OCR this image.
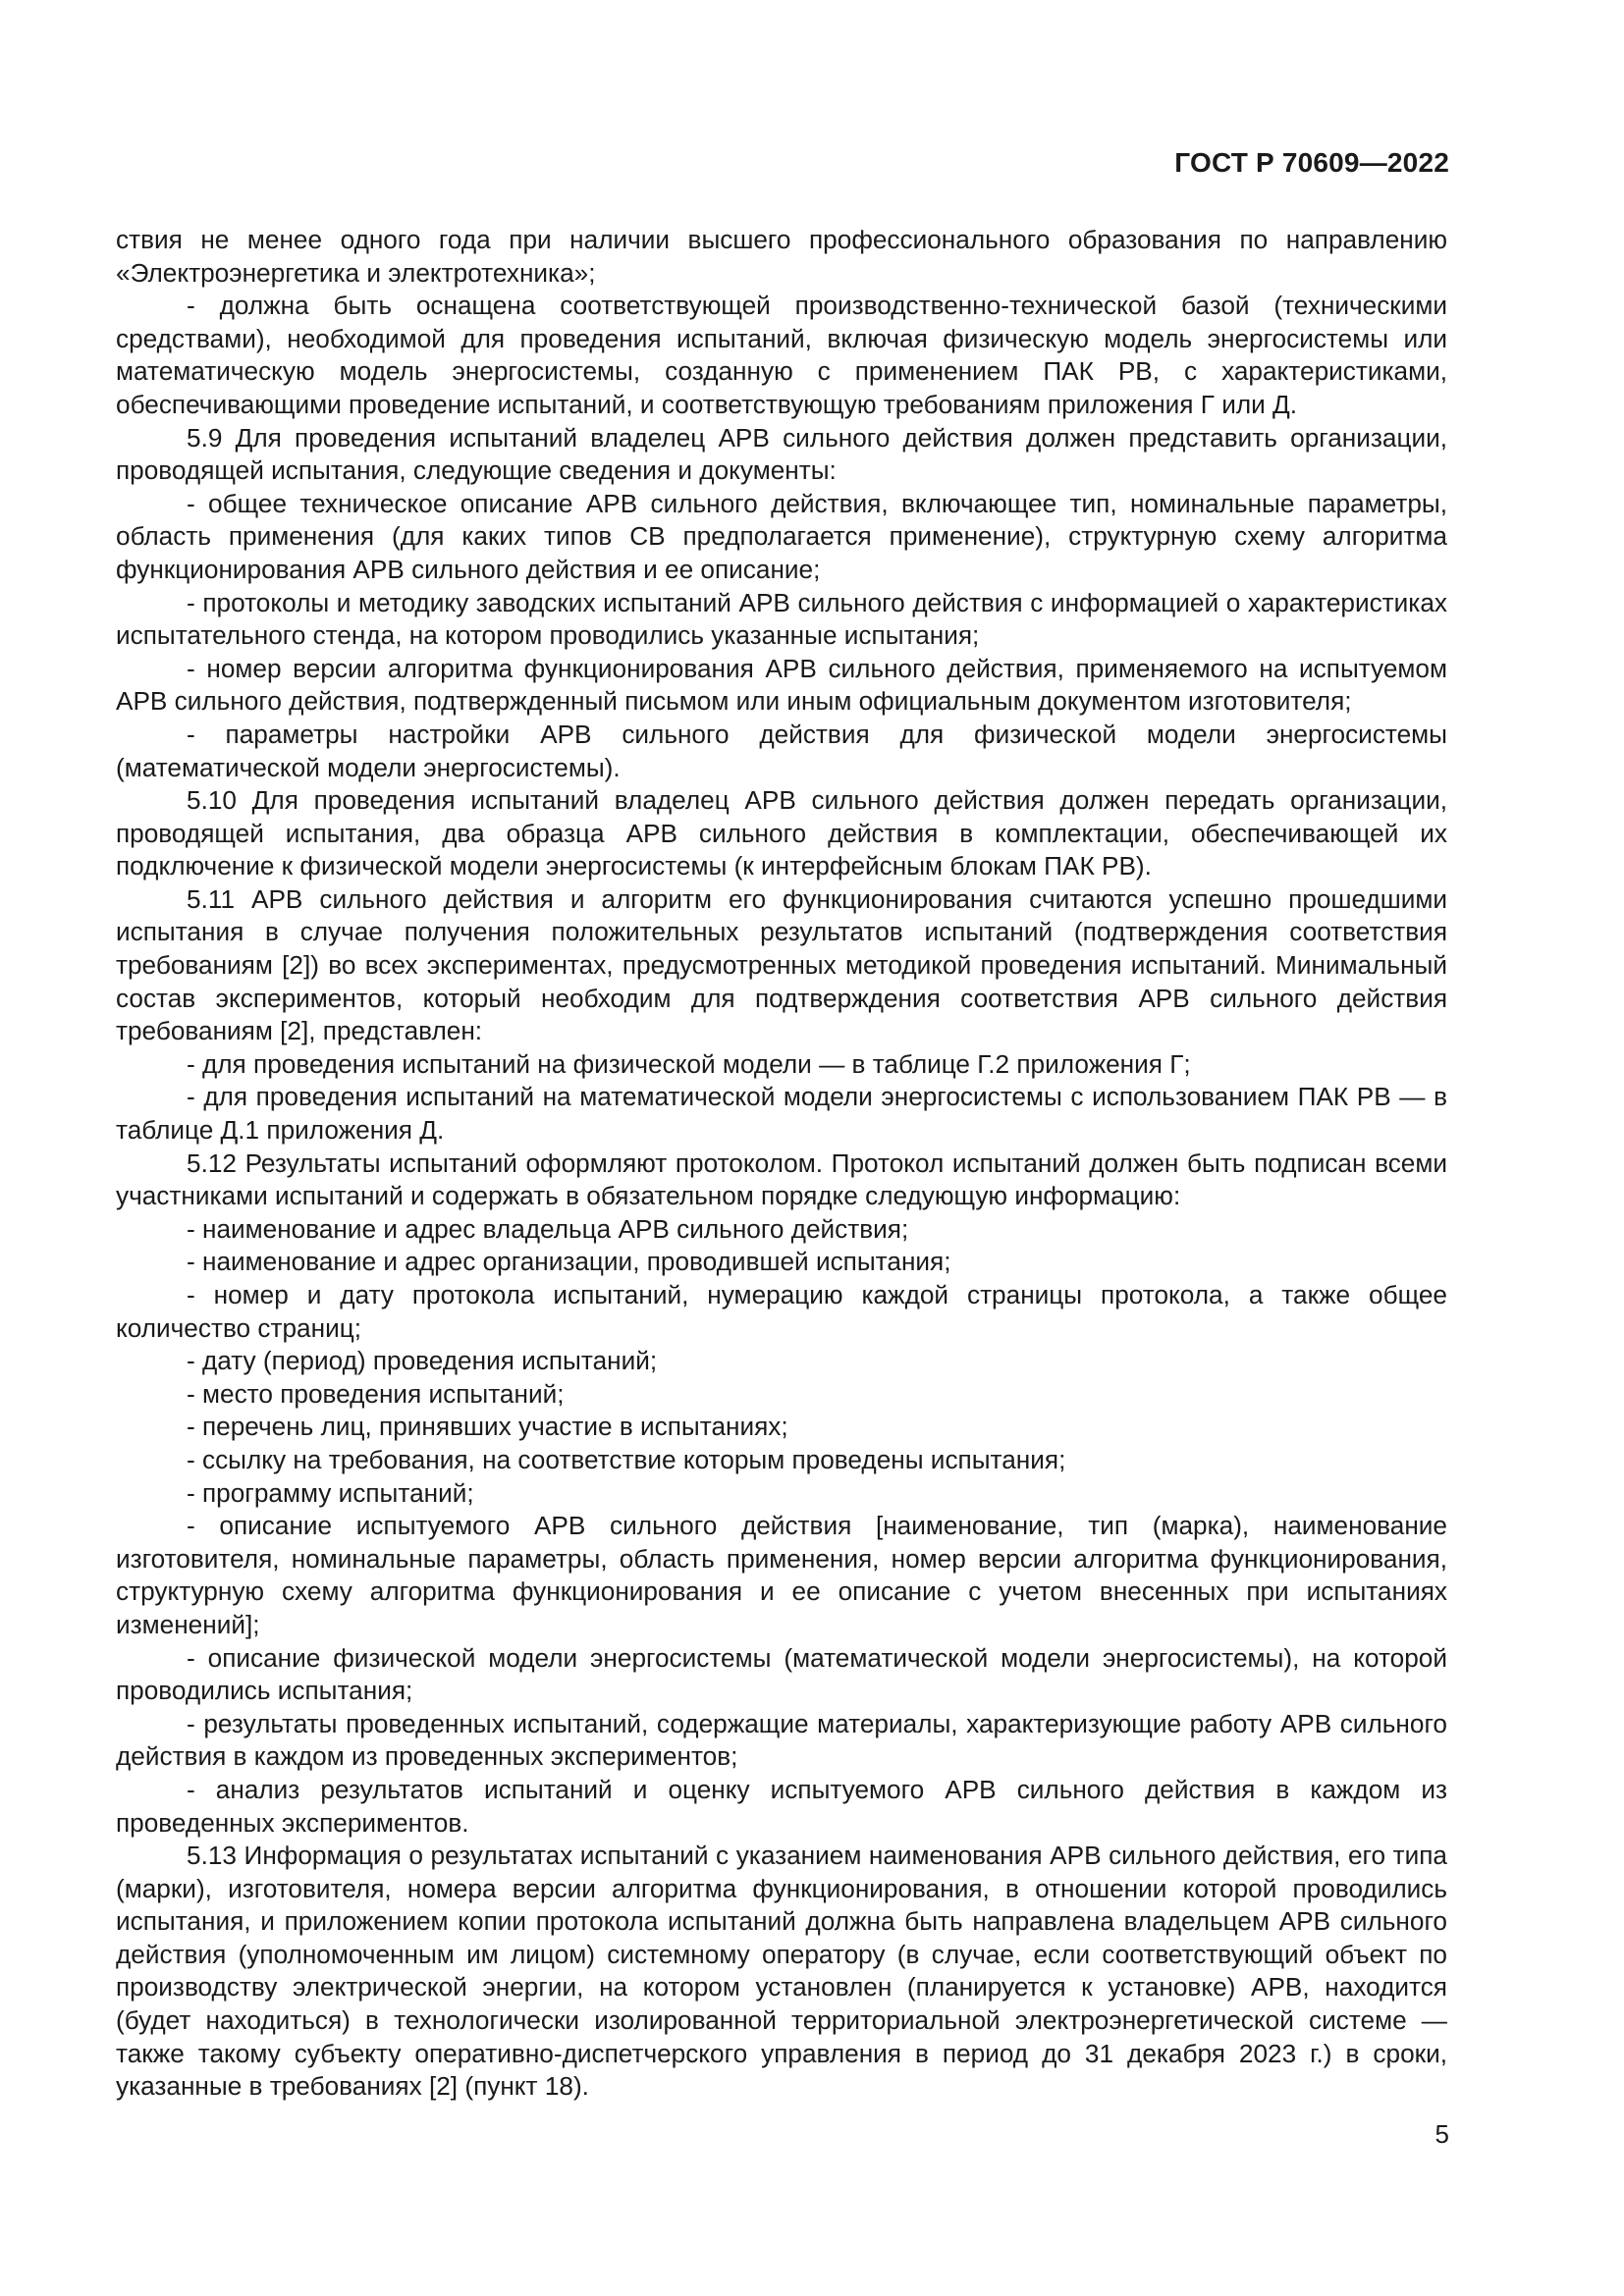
ГОСТ Р 70609—2022

ствия не менее одного года при наличии высшего профессионального образования по направлению «Электроэнергетика и электротехника»;

- должна быть оснащена соответствующей производственно-технической базой (техническими средствами), необходимой для проведения испытаний, включая физическую модель энергосистемы или математическую модель энергосистемы, созданную с применением ПАК РВ, с характеристиками, обеспечивающими проведение испытаний, и соответствующую требованиям приложения Г или Д.

5.9 Для проведения испытаний владелец АРВ сильного действия должен представить организации, проводящей испытания, следующие сведения и документы:

- общее техническое описание АРВ сильного действия, включающее тип, номинальные параметры, область применения (для каких типов СВ предполагается применение), структурную схему алгоритма функционирования АРВ сильного действия и ее описание;

- протоколы и методику заводских испытаний АРВ сильного действия с информацией о характеристиках испытательного стенда, на котором проводились указанные испытания;

- номер версии алгоритма функционирования АРВ сильного действия, применяемого на испытуемом АРВ сильного действия, подтвержденный письмом или иным официальным документом изготовителя;

- параметры настройки АРВ сильного действия для физической модели энергосистемы (математической модели энергосистемы).

5.10 Для проведения испытаний владелец АРВ сильного действия должен передать организации, проводящей испытания, два образца АРВ сильного действия в комплектации, обеспечивающей их подключение к физической модели энергосистемы (к интерфейсным блокам ПАК РВ).

5.11 АРВ сильного действия и алгоритм его функционирования считаются успешно прошедшими испытания в случае получения положительных результатов испытаний (подтверждения соответствия требованиям [2]) во всех экспериментах, предусмотренных методикой проведения испытаний. Минимальный состав экспериментов, который необходим для подтверждения соответствия АРВ сильного действия требованиям [2], представлен:

- для проведения испытаний на физической модели — в таблице Г.2 приложения Г;

- для проведения испытаний на математической модели энергосистемы с использованием ПАК РВ — в таблице Д.1 приложения Д.

5.12 Результаты испытаний оформляют протоколом. Протокол испытаний должен быть подписан всеми участниками испытаний и содержать в обязательном порядке следующую информацию:

- наименование и адрес владельца АРВ сильного действия;

- наименование и адрес организации, проводившей испытания;

- номер и дату протокола испытаний, нумерацию каждой страницы протокола, а также общее количество страниц;

- дату (период) проведения испытаний;

- место проведения испытаний;

- перечень лиц, принявших участие в испытаниях;

- ссылку на требования, на соответствие которым проведены испытания;

- программу испытаний;

- описание испытуемого АРВ сильного действия [наименование, тип (марка), наименование изготовителя, номинальные параметры, область применения, номер версии алгоритма функционирования, структурную схему алгоритма функционирования и ее описание с учетом внесенных при испытаниях изменений];

- описание физической модели энергосистемы (математической модели энергосистемы), на которой проводились испытания;

- результаты проведенных испытаний, содержащие материалы, характеризующие работу АРВ сильного действия в каждом из проведенных экспериментов;

- анализ результатов испытаний и оценку испытуемого АРВ сильного действия в каждом из проведенных экспериментов.

5.13 Информация о результатах испытаний с указанием наименования АРВ сильного действия, его типа (марки), изготовителя, номера версии алгоритма функционирования, в отношении которой проводились испытания, и приложением копии протокола испытаний должна быть направлена владельцем АРВ сильного действия (уполномоченным им лицом) системному оператору (в случае, если соответствующий объект по производству электрической энергии, на котором установлен (планируется к установке) АРВ, находится (будет находиться) в технологически изолированной территориальной электроэнергетической системе — также такому субъекту оперативно-диспетчерского управления в период до 31 декабря 2023 г.) в сроки, указанные в требованиях [2] (пункт 18).

5
